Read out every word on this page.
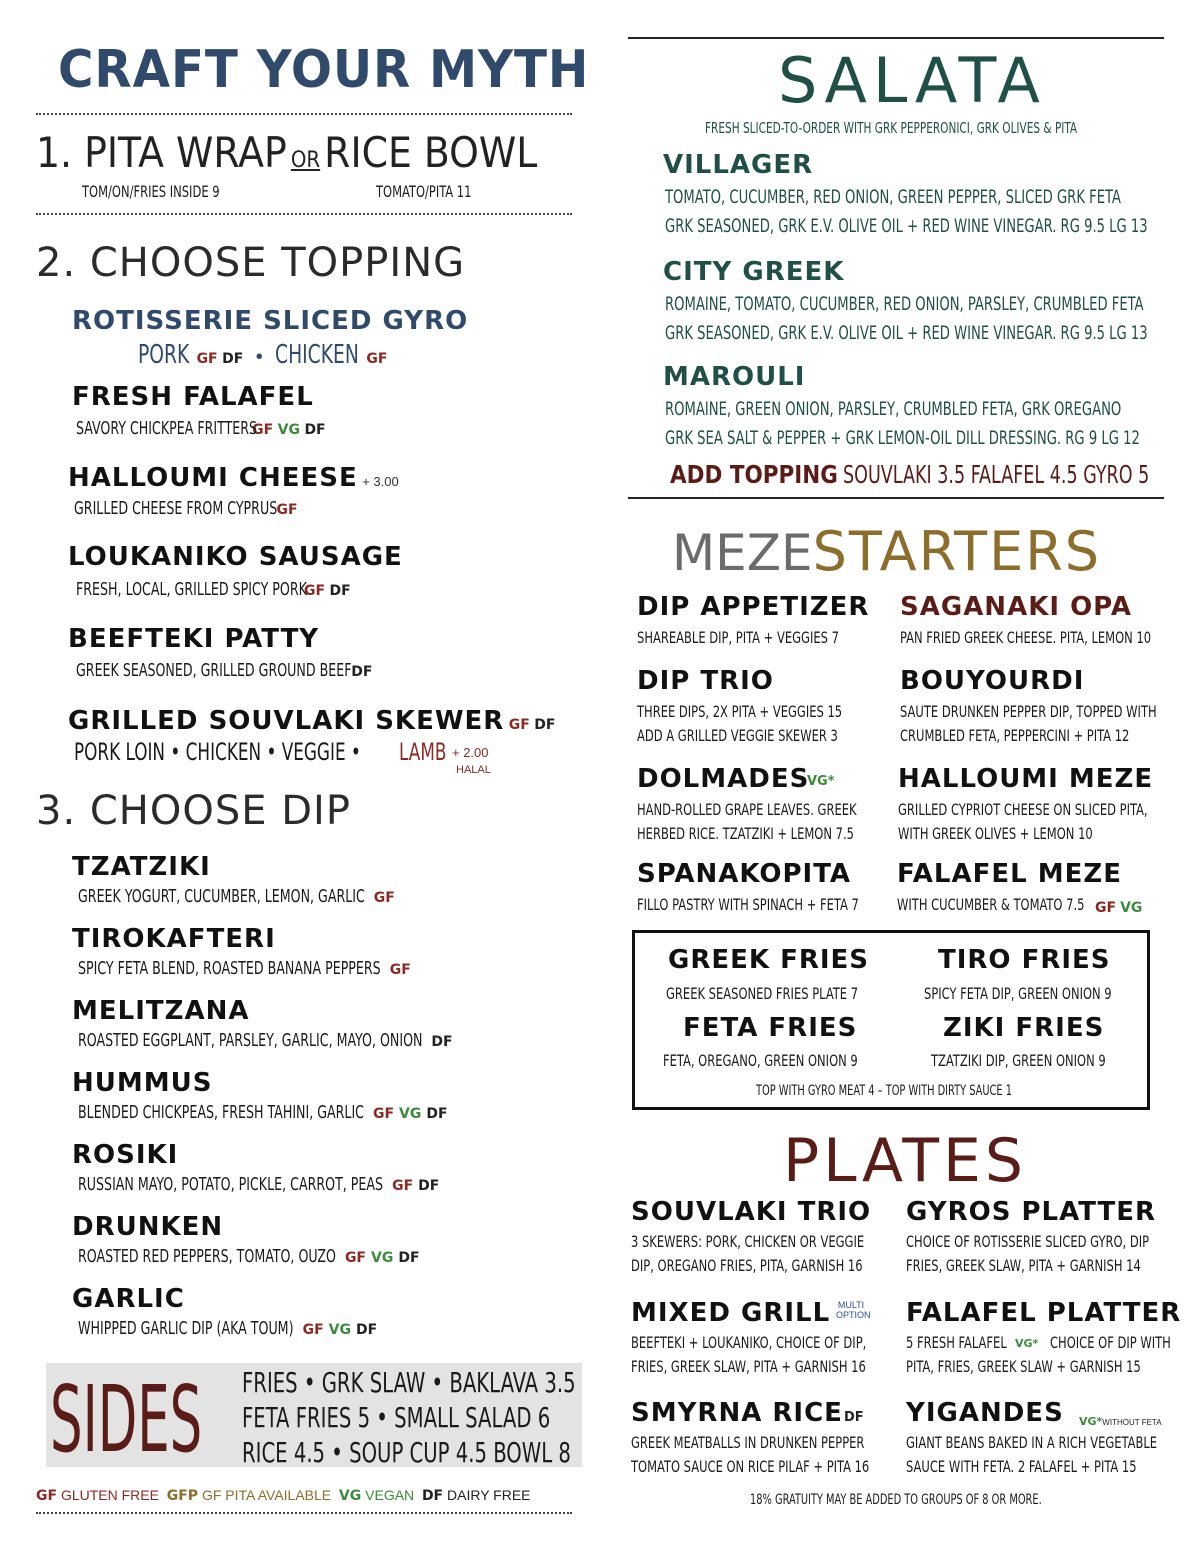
CRAFT YOUR MYTH
1. PITA WRAP OR RICE BOWL
TOM/ON/FRIES INSIDE 9	TOMATO/PITA 11
2. CHOOSE TOPPING
ROTISSERIE SLICED GYRO
PORK GF DF • CHICKEN GF
FRESH FALAFEL
SAVORY CHICKPEA FRITTERSGF VG DF
HALLOUMI CHEESE + 3.00
GRILLED CHEESE FROM CYPRUSGF
LOUKANIKO SAUSAGE
FRESH, LOCAL, GRILLED SPICY PORKGF DF
BEEFTEKI PATTY
GREEK SEASONED, GRILLED GROUND BEEFDF
GRILLED SOUVLAKI SKEWER GF DF
PORK LOIN • CHICKEN • VEGGIE •	LAMB + 2.00
HALAL
3. CHOOSE DIP
TZATZIKI
GREEK YOGURT, CUCUMBER, LEMON, GARLIC GF
TIROKAFTERI
SPICY FETA BLEND, ROASTED BANANA PEPPERS GF
MELITZANA
ROASTED EGGPLANT, PARSLEY, GARLIC, MAYO, ONION DF
HUMMUS
BLENDED CHICKPEAS, FRESH TAHINI, GARLIC GF VG DF
ROSIKI
RUSSIAN MAYO, POTATO, PICKLE, CARROT, PEAS GF DF
DRUNKEN
ROASTED RED PEPPERS, TOMATO, OUZO GF VG DF
GARLIC
WHIPPED GARLIC DIP (AKA TOUM) GF VG DF
SIDES FRIES • GRK SLAW • BAKLAVA 3.5
FETA FRIES 5 • SMALL SALAD 6
RICE 4.5 • SOUP CUP 4.5 BOWL 8
GF GLUTEN FREE GFP GF PITA AVAILABLE VG VEGAN DF DAIRY FREE
SALATA
FRESH SLICED-TO-ORDER WITH GRK PEPPERONICI, GRK OLIVES & PITA
VILLAGER
TOMATO, CUCUMBER, RED ONION, GREEN PEPPER, SLICED GRK FETA
GRK SEASONED, GRK E.V. OLIVE OIL + RED WINE VINEGAR. RG 9.5 LG 13
CITY GREEK
ROMAINE, TOMATO, CUCUMBER, RED ONION, PARSLEY, CRUMBLED FETA
GRK SEASONED, GRK E.V. OLIVE OIL + RED WINE VINEGAR. RG 9.5 LG 13
MAROULI
ROMAINE, GREEN ONION, PARSLEY, CRUMBLED FETA, GRK OREGANO
GRK SEA SALT & PEPPER + GRK LEMON-OIL DILL DRESSING. RG 9 LG 12
ADD TOPPING SOUVLAKI 3.5 FALAFEL 4.5 GYRO 5
MEZESTARTERS
DIP APPETIZER
SHAREABLE DIP, PITA + VEGGIES 7
SAGANAKI OPA
PAN FRIED GREEK CHEESE. PITA, LEMON 10
DIP TRIO
THREE DIPS, 2X PITA + VEGGIES 15
ADD A GRILLED VEGGIE SKEWER 3
BOUYOURDI
SAUTE DRUNKEN PEPPER DIP, TOPPED WITH
CRUMBLED FETA, PEPPERCINI + PITA 12
DOLMADES
VG*
HAND-ROLLED GRAPE LEAVES. GREEK
HERBED RICE. TZATZIKI + LEMON 7.5
HALLOUMI MEZE
GRILLED CYPRIOT CHEESE ON SLICED PITA,
WITH GREEK OLIVES + LEMON 10
SPANAKOPITA
FILLO PASTRY WITH SPINACH + FETA 7
FALAFEL MEZE
WITH CUCUMBER & TOMATO 7.5 GF VG
GREEK FRIES
GREEK SEASONED FRIES PLATE 7
TIRO FRIES
SPICY FETA DIP, GREEN ONION 9
FETA FRIES
FETA, OREGANO, GREEN ONION 9
ZIKI FRIES
TZATZIKI DIP, GREEN ONION 9
TOP WITH GYRO MEAT 4 – TOP WITH DIRTY SAUCE 1
PLATES
SOUVLAKI TRIO
3 SKEWERS: PORK, CHICKEN OR VEGGIE
DIP, OREGANO FRIES, PITA, GARNISH 16
GYROS PLATTER
CHOICE OF ROTISSERIE SLICED GYRO, DIP
FRIES, GREEK SLAW, PITA + GARNISH 14
MIXED GRILL
BEEFTEKI + LOUKANIKO, CHOICE OF DIP,
FRIES, GREEK SLAW, PITA + GARNISH 16
FALAFEL PLATTER
5 FRESH FALAFEL	CHOICE OF DIP WITH
PITA, FRIES, GREEK SLAW + GARNISH 15
SMYRNA RICE
GREEK MEATBALLS IN DRUNKEN PEPPER
TOMATO SAUCE ON RICE PILAF + PITA 16
YIGANDES
GIANT BEANS BAKED IN A RICH VEGETABLE
SAUCE WITH FETA. 2 FALAFEL + PITA 15
MULTI
OPTION
DF	VG*WITHOUT FETA
VG*
18% GRATUITY MAY BE ADDED TO GROUPS OF 8 OR MORE.
